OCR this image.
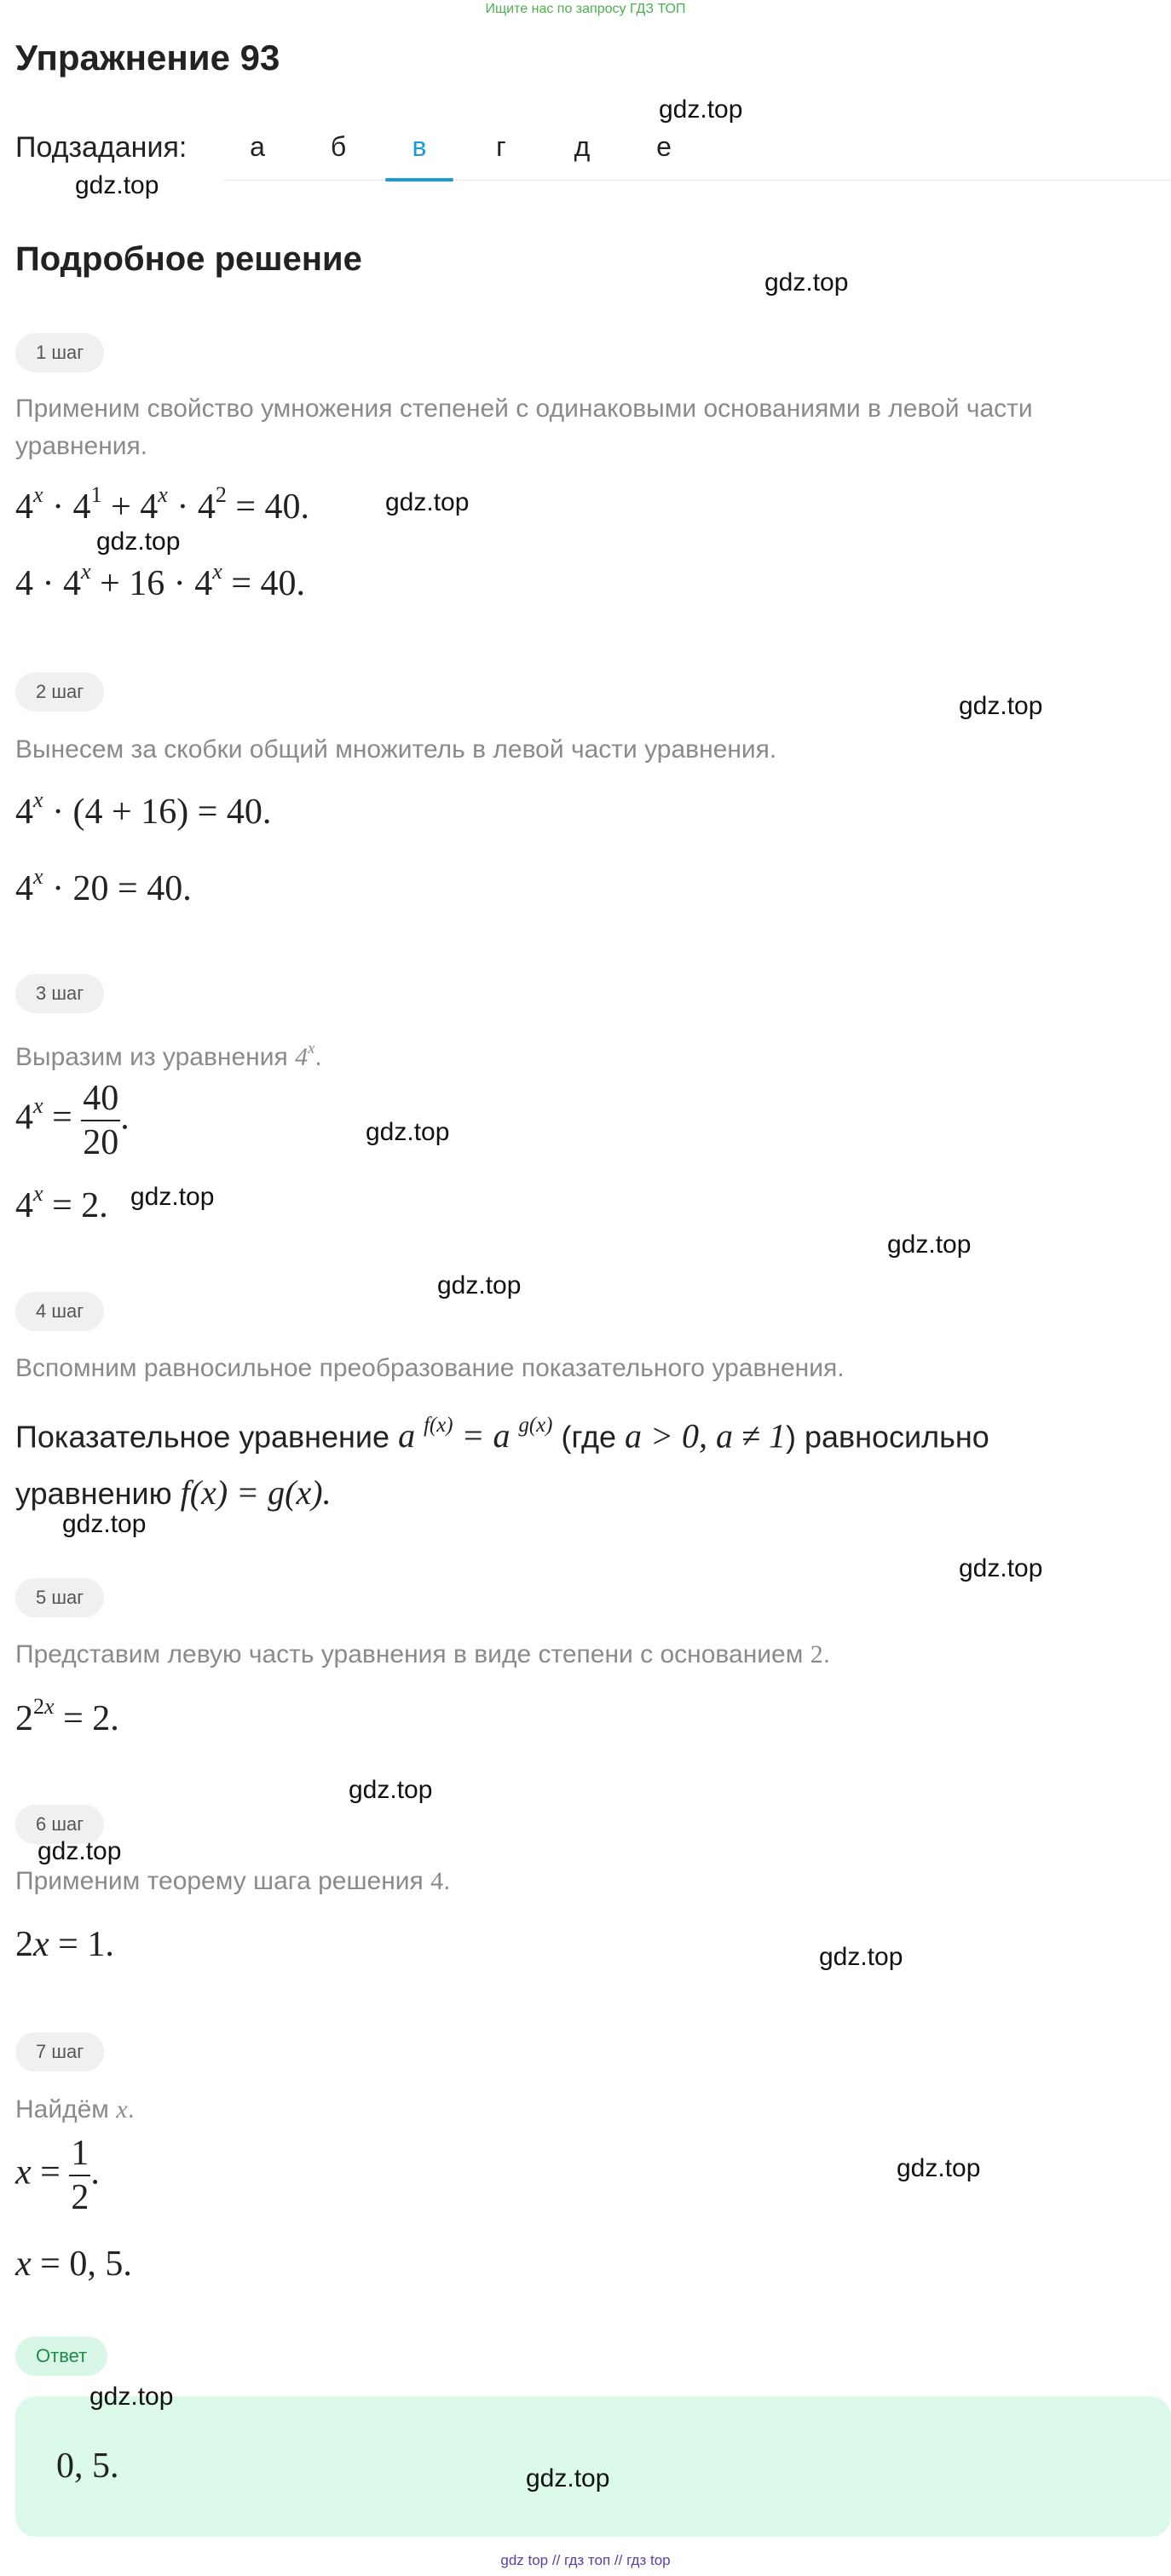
Ищите нас по запросу ГДЗ ТОП
Упражнение 93
Подзадания:	а	б	в	г	д	е
Подробное решение
1 шаг
Применим свойство умножения степеней с одинаковыми основаниями в левой части уравнения.
$4^x \cdot 4^1 + 4^x \cdot 4^2 = 40$.
$4 \cdot 4^x + 16 \cdot 4^x = 40$.
2 шаг
Вынесем за скобки общий множитель в левой части уравнения.
$4^x \cdot (4 + 16) = 40$.
$4^x \cdot 20 = 40$.
3 шаг
Выразим из уравнения 4$^x$.
$4^x = \frac{40}{20}$ .
$4^x = 2$.
4 шаг
Вспомним равносильное преобразование показательного уравнения.
Показательное уравнение a $^{f(x)}$ = a $^{g(x)}$ (где a > 0, a ≠ 1) равносильно
уравнению f(x) = g(x).
5 шаг
Представим левую часть уравнения в виде степени с основанием 2.
$2^{2x} = 2$.
6 шаг
Применим теорему шага решения 4.
2x = 1.
7 шаг
Найдём x.
$x = \frac{1}{2}$ .
x = 0, 5.
Ответ
0, 5.
gdz.top
gdz.top
gdz.top
gdz.top
gdz.top
gdz.top
gdz.top
gdz.top
gdz.top
gdz.top
gdz.top
gdz.top
gdz.top
gdz.top
gdz.top
gdz.top
gdz.top
gdz.top
gdz top // гдз топ // гдз top
